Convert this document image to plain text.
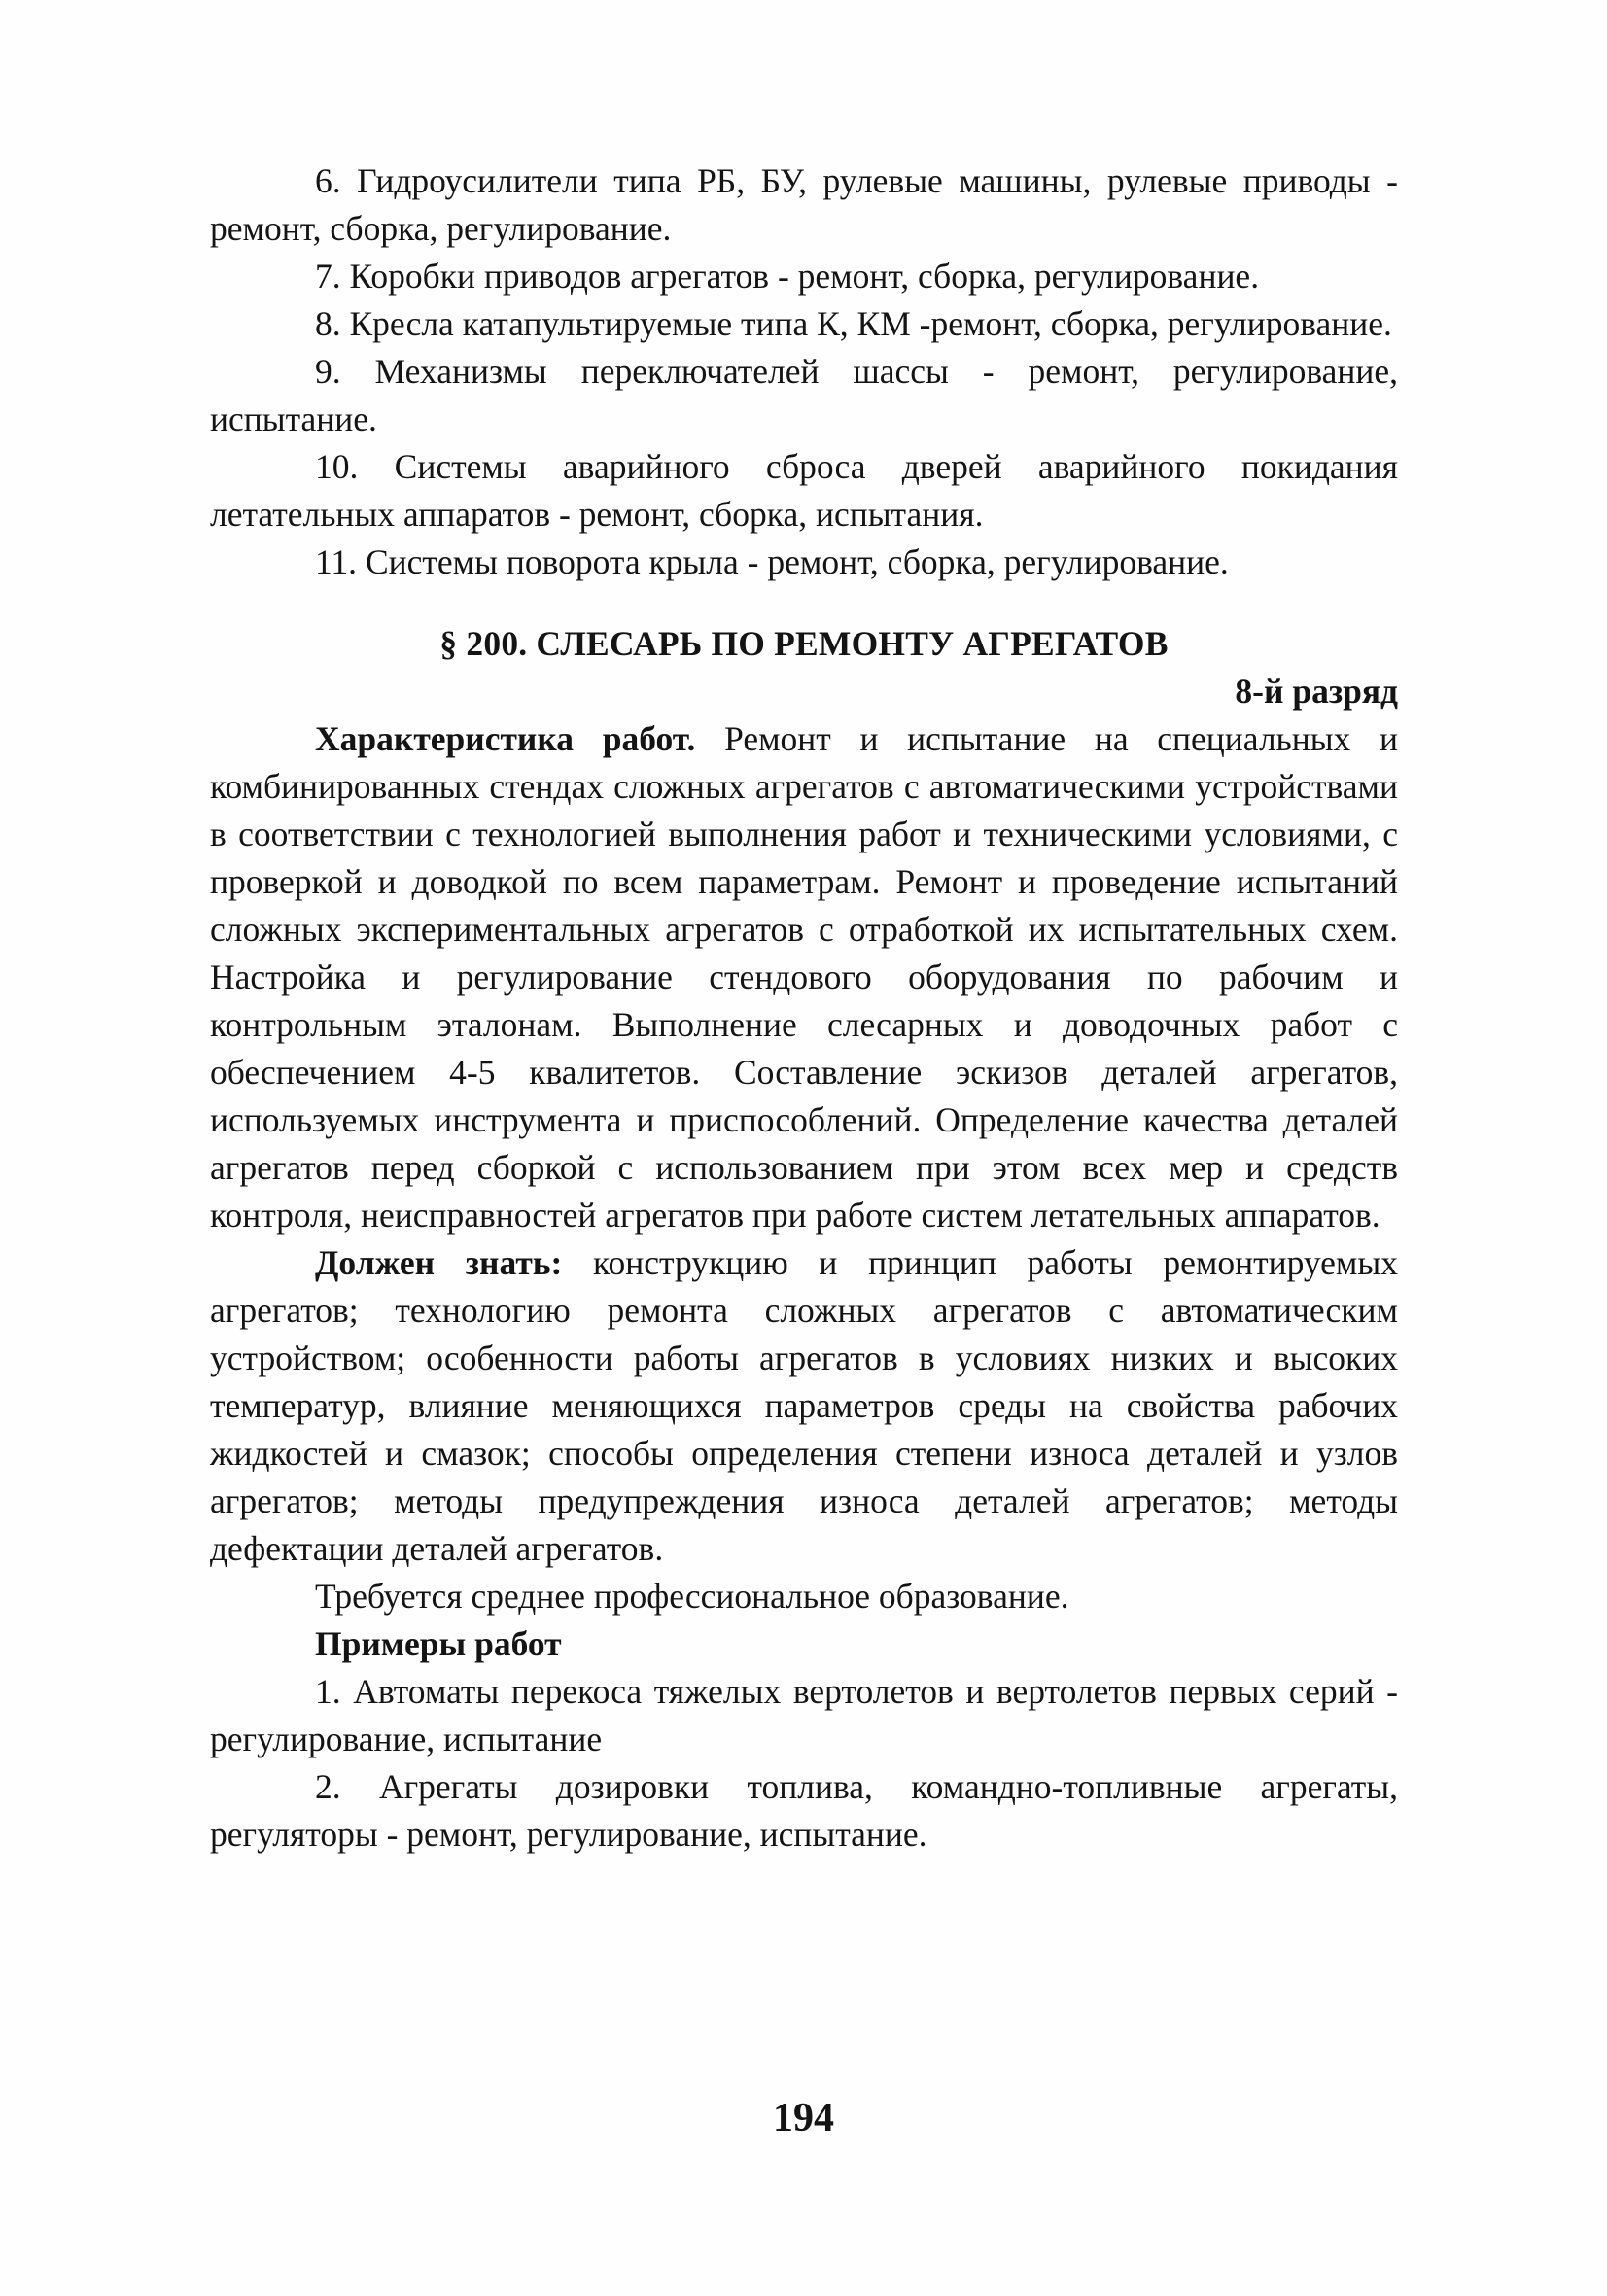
6. Гидроусилители типа РБ, БУ, рулевые машины, рулевые приводы - ремонт, сборка, регулирование.

7. Коробки приводов агрегатов - ремонт, сборка, регулирование.

8. Кресла катапультируемые типа К, КМ -ремонт, сборка, регулирование.

9. Механизмы переключателей шассы - ремонт, регулирование, испытание.

10. Системы аварийного сброса дверей аварийного покидания летательных аппаратов - ремонт, сборка, испытания.

11. Системы поворота крыла - ремонт, сборка, регулирование.

§ 200. СЛЕСАРЬ ПО РЕМОНТУ АГРЕГАТОВ

8-й разряд

Характеристика работ. Ремонт и испытание на специальных и комбинированных стендах сложных агрегатов с автоматическими устройствами в соответствии с технологией выполнения работ и техническими условиями, с проверкой и доводкой по всем параметрам. Ремонт и проведение испытаний сложных экспериментальных агрегатов с отработкой их испытательных схем. Настройка и регулирование стендового оборудования по рабочим и контрольным эталонам. Выполнение слесарных и доводочных работ с обеспечением 4-5 квалитетов. Составление эскизов деталей агрегатов, используемых инструмента и приспособлений. Определение качества деталей агрегатов перед сборкой с использованием при этом всех мер и средств контроля, неисправностей агрегатов при работе систем летательных аппаратов.

Должен знать: конструкцию и принцип работы ремонтируемых агрегатов; технологию ремонта сложных агрегатов с автоматическим устройством; особенности работы агрегатов в условиях низких и высоких температур, влияние меняющихся параметров среды на свойства рабочих жидкостей и смазок; способы определения степени износа деталей и узлов агрегатов; методы предупреждения износа деталей агрегатов; методы дефектации деталей агрегатов.

Требуется среднее профессиональное образование.

Примеры работ

1. Автоматы перекоса тяжелых вертолетов и вертолетов первых серий - регулирование, испытание

2. Агрегаты дозировки топлива, командно-топливные агрегаты, регуляторы - ремонт, регулирование, испытание.

194
